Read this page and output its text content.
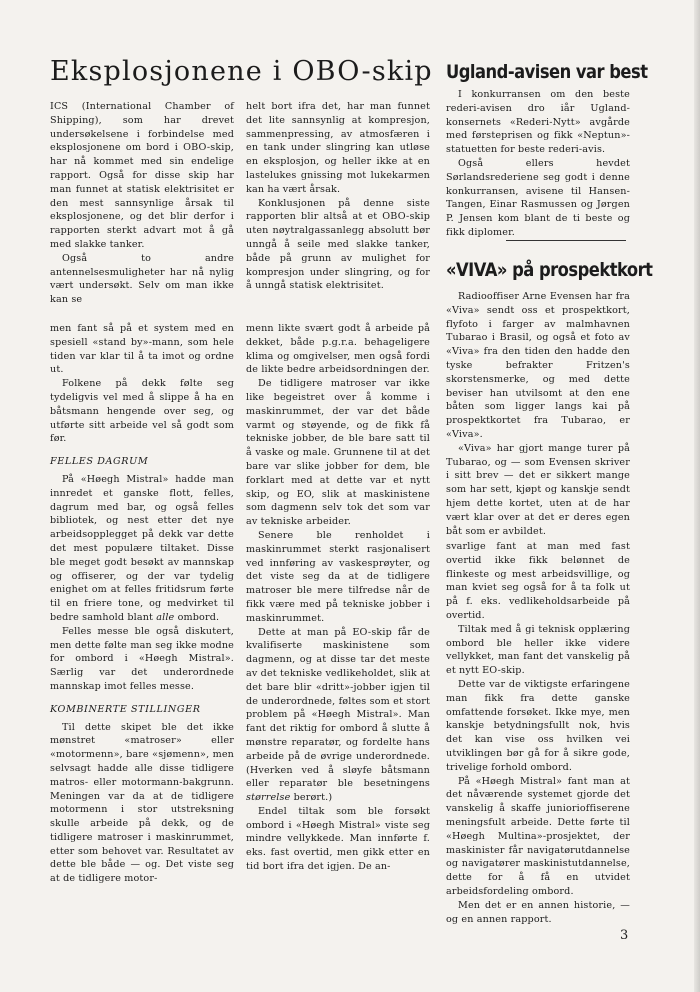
Eksplosjonene i OBO-skip

ICS (International Chamber of Shipping), som har drevet undersøkelsene i forbindelse med eksplosjonene om bord i OBO-skip, har nå kommet med sin endelige rapport. Også for disse skip har man funnet at statisk elektrisitet er den mest sannsynlige årsak til eksplosjonene, og det blir derfor i rapporten sterkt advart mot å gå med slakke tanker.

Også to andre antennelsesmuligheter har nå nylig vært undersøkt. Selv om man ikke kan se

helt bort ifra det, har man funnet det lite sannsynlig at kompresjon, sammenpressing, av atmosfæren i en tank under slingring kan utløse en eksplosjon, og heller ikke at en lastelukes gnissing mot lukekarmen kan ha vært årsak.

Konklusjonen på denne siste rapporten blir altså at et OBO-skip uten nøytralgassanlegg absolutt bør unngå å seile med slakke tanker, både på grunn av mulighet for kompresjon under slingring, og for å unngå statisk elektrisitet.

Ugland-avisen var best

I konkurransen om den beste rederi-avisen dro iår Ugland-konsernets «Rederi-Nytt» avgårde med førsteprisen og fikk «Neptun»-statuetten for beste rederi-avis.

Også ellers hevdet Sørlandsrederiene seg godt i denne konkurransen, avisene til Hansen-Tangen, Einar Rasmussen og Jørgen P. Jensen kom blant de ti beste og fikk diplomer.

«VIVA» på prospektkort

Radiooffiser Arne Evensen har fra «Viva» sendt oss et prospektkort, flyfoto i farger av malmhavnen Tubarao i Brasil, og også et foto av «Viva» fra den tiden den hadde den tyske befrakter Fritzen's skorstensmerke, og med dette beviser han utvilsomt at den ene båten som ligger langs kai på prospektkortet fra Tubarao, er «Viva».

«Viva» har gjort mange turer på Tubarao, og — som Evensen skriver i sitt brev — det er sikkert mange som har sett, kjøpt og kanskje sendt hjem dette kortet, uten at de har vært klar over at det er deres egen båt som er avbildet.

men fant så på et system med en spesiell «stand by»-mann, som hele tiden var klar til å ta imot og ordne ut.

Folkene på dekk følte seg tydeligvis vel med å slippe å ha en båtsmann hengende over seg, og utførte sitt arbeide vel så godt som før.

FELLES DAGRUM

På «Høegh Mistral» hadde man innredet et ganske flott, felles, dagrum med bar, og også felles bibliotek, og nest etter det nye arbeidsopplegget på dekk var dette det mest populære tiltaket. Disse ble meget godt besøkt av mannskap og offiserer, og der var tydelig enighet om at felles fritidsrum førte til en friere tone, og medvirket til bedre samhold blant alle ombord.

Felles messe ble også diskutert, men dette følte man seg ikke modne for ombord i «Høegh Mistral». Særlig var det underordnede mannskap imot felles messe.

KOMBINERTE STILLINGER

Til dette skipet ble det ikke mønstret «matroser» eller «motormenn», bare «sjømenn», men selvsagt hadde alle disse tidligere matros- eller motormann-bakgrunn. Meningen var da at de tidligere motormenn i stor utstreksning skulle arbeide på dekk, og de tidligere matroser i maskinrummet, etter som behovet var. Resultatet av dette ble både — og. Det viste seg at de tidligere motor-

menn likte svært godt å arbeide på dekket, både p.g.r.a. behageligere klima og omgivelser, men også fordi de likte bedre arbeidsordningen der.

De tidligere matroser var ikke like begeistret over å komme i maskinrummet, der var det både varmt og støyende, og de fikk få tekniske jobber, de ble bare satt til å vaske og male. Grunnene til at det bare var slike jobber for dem, ble forklart med at dette var et nytt skip, og EO, slik at maskinistene som dagmenn selv tok det som var av tekniske arbeider.

Senere ble renholdet i maskinrummet sterkt rasjonalisert ved innføring av vaskesprøyter, og det viste seg da at de tidligere matroser ble mere tilfredse når de fikk være med på tekniske jobber i maskinrummet.

Dette at man på EO-skip får de kvalifiserte maskinistene som dagmenn, og at disse tar det meste av det tekniske vedlikeholdet, slik at det bare blir «dritt»-jobber igjen til de underordnede, føltes som et stort problem på «Høegh Mistral». Man fant det riktig for ombord å slutte å mønstre reparatør, og fordelte hans arbeide på de øvrige underordnede. (Hverken ved å sløyfe båtsmann eller reparatør ble besetningens størrelse berørt.)

Endel tiltak som ble forsøkt ombord i «Høegh Mistral» viste seg mindre vellykkede. Man innførte f. eks. fast overtid, men gikk etter en tid bort ifra det igjen. De an-

svarlige fant at man med fast overtid ikke fikk belønnet de flinkeste og mest arbeidsvillige, og man kviet seg også for å ta folk ut på f. eks. vedlikeholdsarbeide på overtid.

Tiltak med å gi teknisk opplæring ombord ble heller ikke videre vellykket, man fant det vanskelig på et nytt EO-skip.

Dette var de viktigste erfaringene man fikk fra dette ganske omfattende forsøket. Ikke mye, men kanskje betydningsfullt nok, hvis det kan vise oss hvilken vei utviklingen bør gå for å sikre gode, trivelige forhold ombord.

På «Høegh Mistral» fant man at det nåværende systemet gjorde det vanskelig å skaffe juniorioffiserene meningsfult arbeide. Dette førte til «Høegh Multina»-prosjektet, der maskinister får navigatørutdannelse og navigatører maskinistutdannelse, dette for å få en utvidet arbeidsfordeling ombord.

Men det er en annen historie, — og en annen rapport.

3
